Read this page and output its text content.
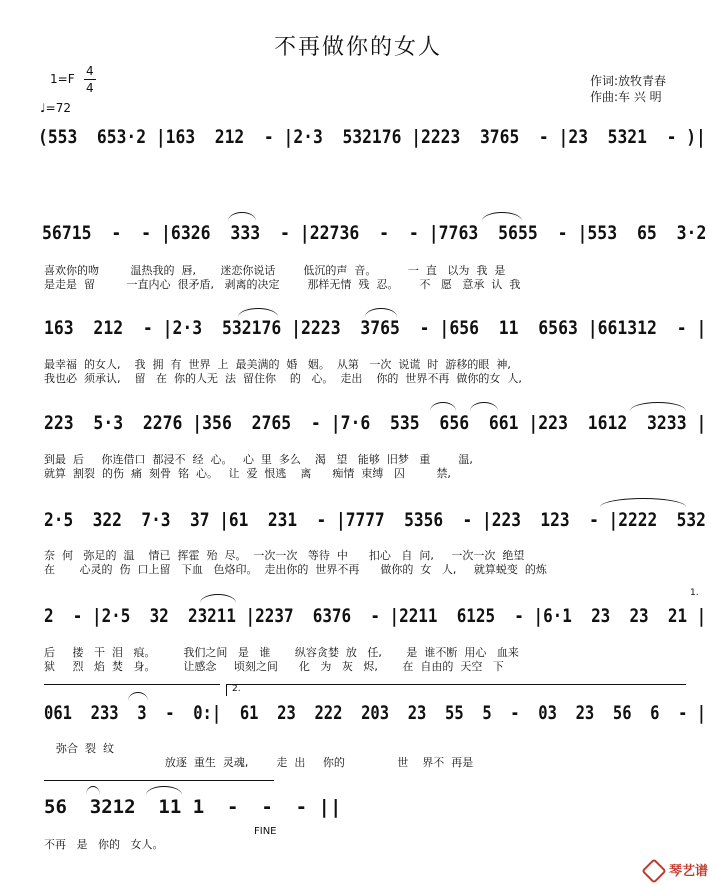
不再做你的女人
1=F
4
4
♩=72
作词:放牧青春
作曲:车 兴 明
(553  653·2 |163  212  - |2·3  532176 |2223  3765  - |23  5321  - )|
56715  -  - |6326  333  - |22736  -  - |7763  5655  - |553  65  3·2
喜欢你的吻         温热我的  唇,       迷恋你说话        低沉的声  音。         一  直   以为  我  是
是走是  留         一直内心  很矛盾,   剥离的决定        那样无情  残  忍。      不   愿   意承  认  我
163  212  - |2·3  532176 |2223  3765  - |656  11  6563 |661312  - |
最幸福  的女人,    我  拥  有  世界  上  最美满的  婚   姻。  从第   一次  说谎  时  游移的眼  神,
我也必  须承认,    留   在  你的人无  法  留住你    的   心。  走出    你的  世界不再  做你的女  人,
223  5·3  2276 |356  2765  - |7·6  535  656  661 |223  1612  3233 |
到最  后     你连借口  都浸不  经  心。   心  里  多么    渴   望   能够  旧梦   重        温,
就算  割裂  的伤  痛  刻骨  铭  心。   让  爱  恨逃    离      痴情  束缚   囚         禁,
2·5  322  7·3  37 |61  231  - |7777  5356  - |223  123  - |2222  532
奈  何   弥足的  温    情已  挥霍  殆  尽。  一次一次   等待  中      扣心   自  问,     一次一次  绝望
在       心灵的  伤  口上留   下血   色烙印。  走出你的  世界不再      做你的  女   人,     就算蜕变  的炼
2  - |2·5  32  23211 |2237  6376  - |2211  6125  - |6·1  23  23  21 |
后     搂   干  泪   痕。        我们之间   是   谁       纵容贪婪  放   任,       是  谁不断  用心   血来
狱     烈   焰  焚   身。        让感念     顷刻之间      化   为   灰   烬,       在  自由的  天空   下
1.
2.
061  233  3  -  0:|  61  23  222  203  23  55  5  -  03  23  56  6  - |
弥合  裂  纹
放逐  重生  灵魂,        走  出     你的               世    界不  再是
56  3212  11 1  -  -  - ||
FINE
不再   是   你的   女人。
琴艺谱
